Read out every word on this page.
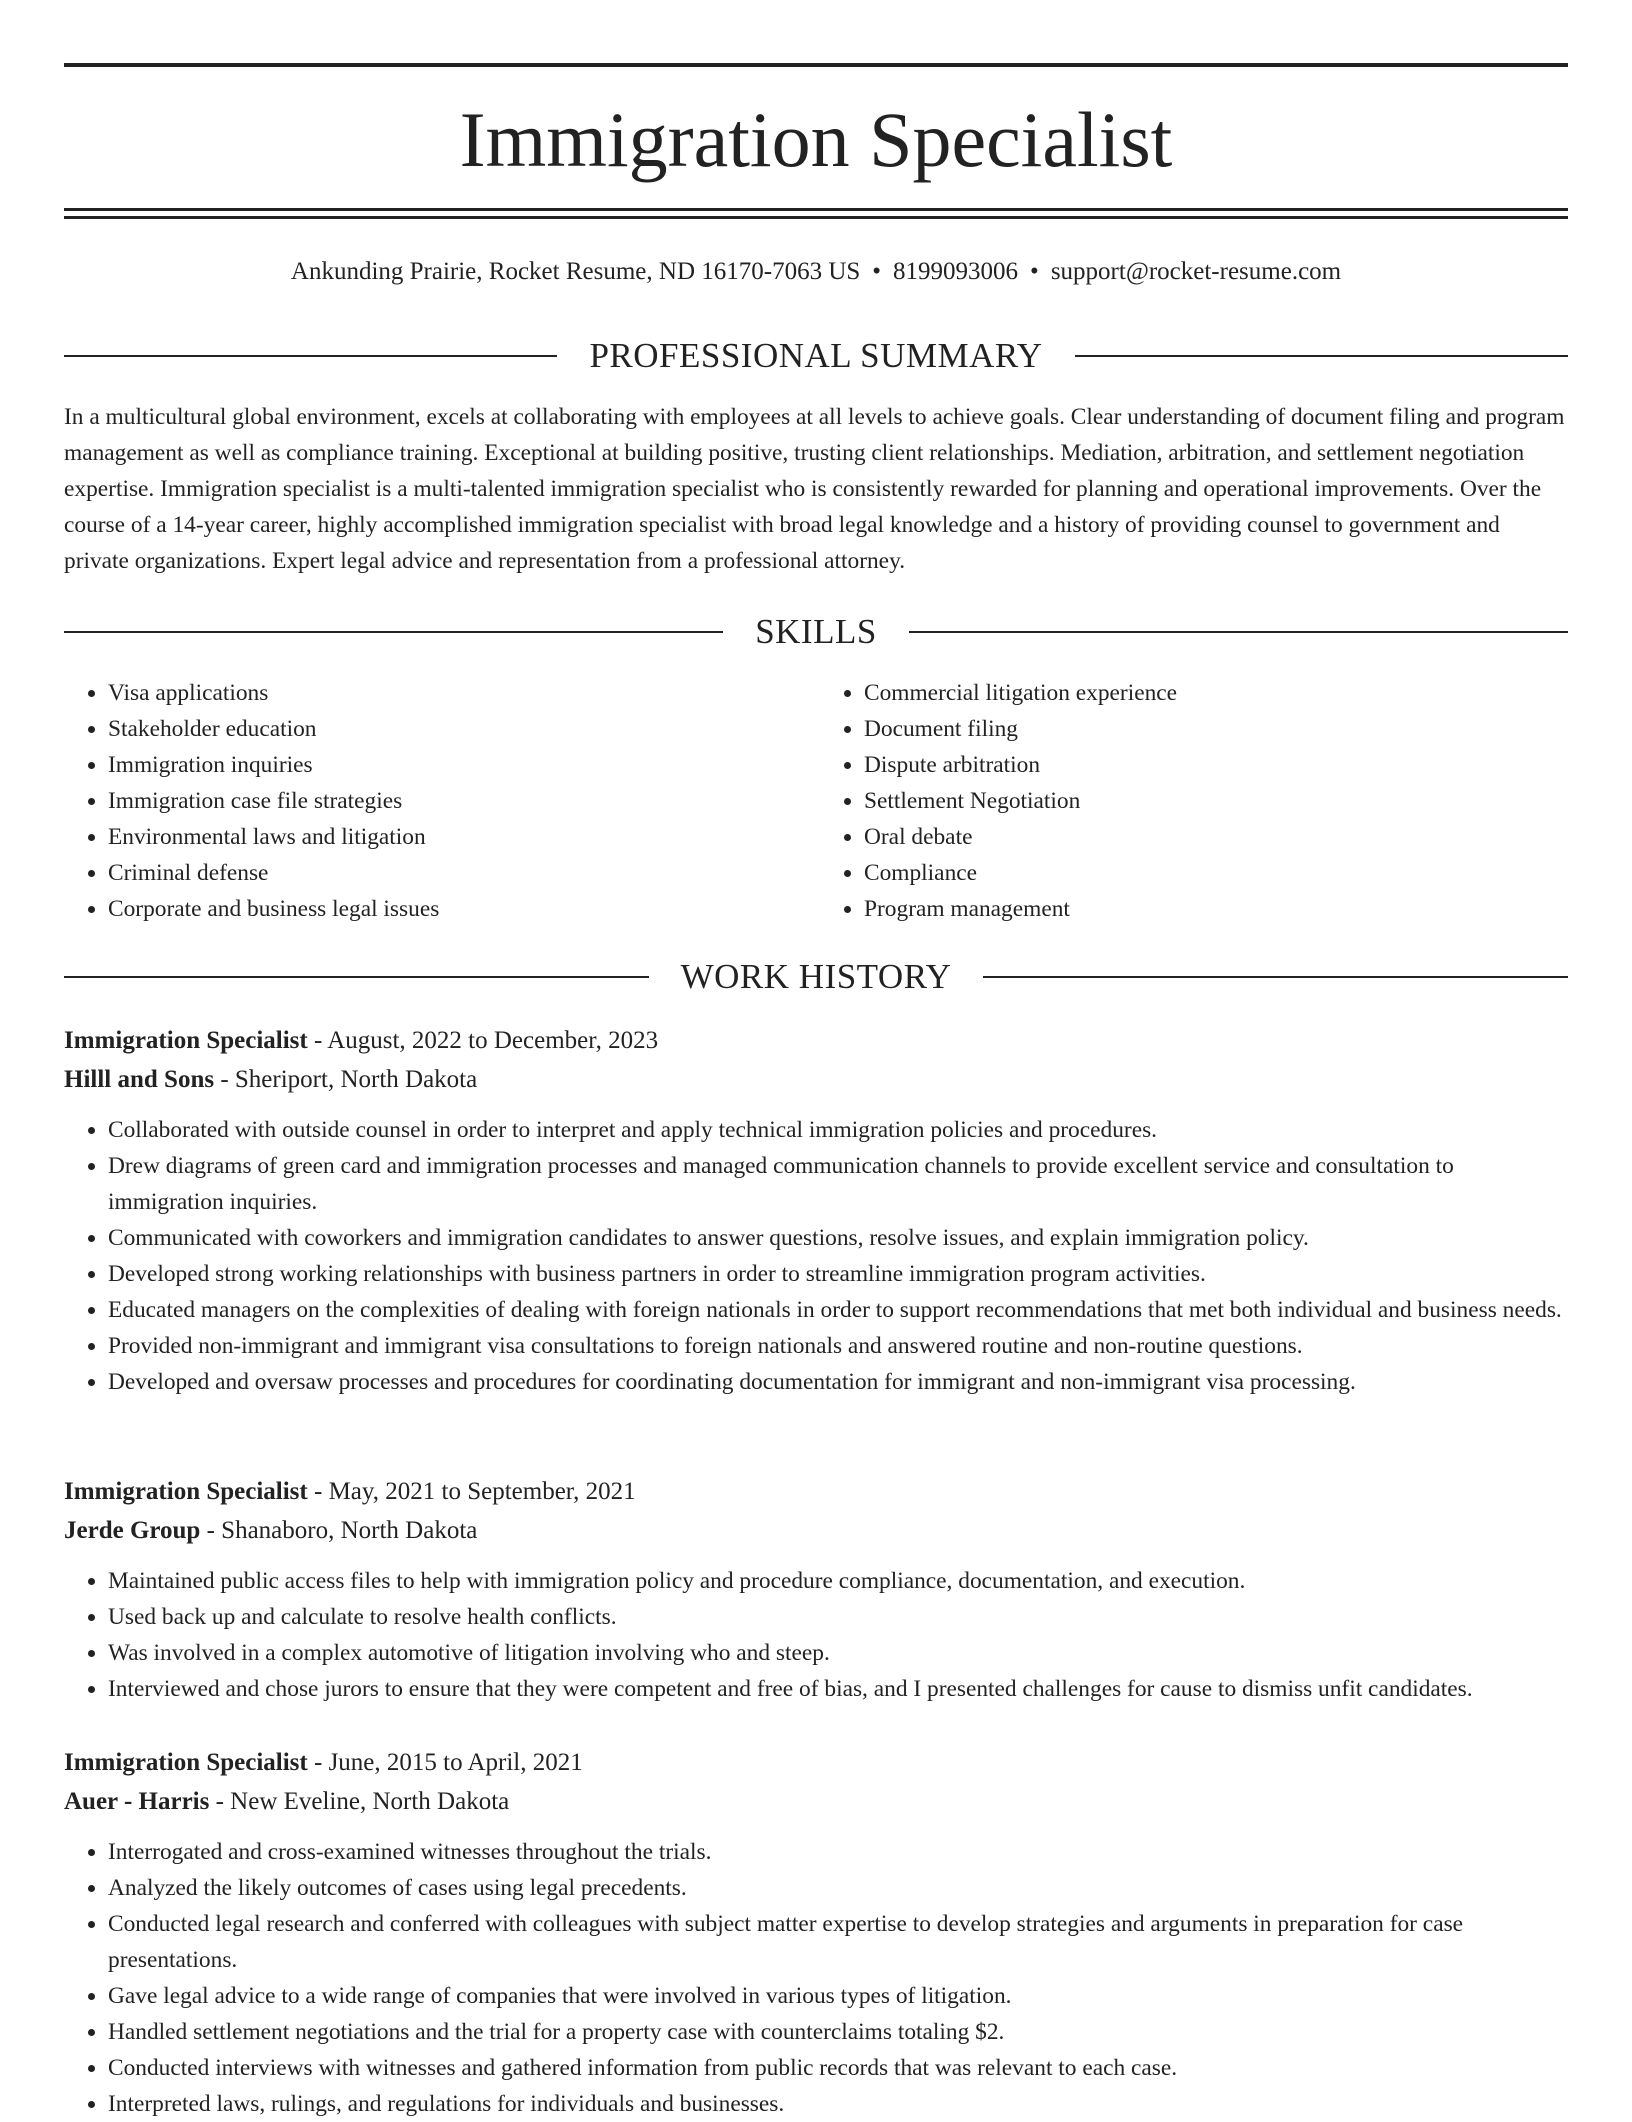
Immigration Specialist
Ankunding Prairie, Rocket Resume, ND 16170-7063 US • 8199093006 • support@rocket-resume.com
PROFESSIONAL SUMMARY

In a multicultural global environment, excels at collaborating with employees at all levels to achieve goals. Clear understanding of document filing and program management as well as compliance training. Exceptional at building positive, trusting client relationships. Mediation, arbitration, and settlement negotiation expertise. Immigration specialist is a multi-talented immigration specialist who is consistently rewarded for planning and operational improvements. Over the course of a 14-year career, highly accomplished immigration specialist with broad legal knowledge and a history of providing counsel to government and private organizations. Expert legal advice and representation from a professional attorney.

SKILLS
• Visa applications
• Stakeholder education
• Immigration inquiries
• Immigration case file strategies
• Environmental laws and litigation
• Criminal defense
• Corporate and business legal issues
• Commercial litigation experience
• Document filing
• Dispute arbitration
• Settlement Negotiation
• Oral debate
• Compliance
• Program management
WORK HISTORY
Immigration Specialist - August, 2022 to December, 2023
Hilll and Sons - Sheriport, North Dakota
• Collaborated with outside counsel in order to interpret and apply technical immigration policies and procedures.
• Drew diagrams of green card and immigration processes and managed communication channels to provide excellent service and consultation to immigration inquiries.
• Communicated with coworkers and immigration candidates to answer questions, resolve issues, and explain immigration policy.
• Developed strong working relationships with business partners in order to streamline immigration program activities.
• Educated managers on the complexities of dealing with foreign nationals in order to support recommendations that met both individual and business needs.
• Provided non-immigrant and immigrant visa consultations to foreign nationals and answered routine and non-routine questions.
• Developed and oversaw processes and procedures for coordinating documentation for immigrant and non-immigrant visa processing.
Immigration Specialist - May, 2021 to September, 2021
Jerde Group - Shanaboro, North Dakota
• Maintained public access files to help with immigration policy and procedure compliance, documentation, and execution.
• Used back up and calculate to resolve health conflicts.
• Was involved in a complex automotive of litigation involving who and steep.
• Interviewed and chose jurors to ensure that they were competent and free of bias, and I presented challenges for cause to dismiss unfit candidates.
Immigration Specialist - June, 2015 to April, 2021
Auer - Harris - New Eveline, North Dakota
• Interrogated and cross-examined witnesses throughout the trials.
• Analyzed the likely outcomes of cases using legal precedents.
• Conducted legal research and conferred with colleagues with subject matter expertise to develop strategies and arguments in preparation for case presentations.
• Gave legal advice to a wide range of companies that were involved in various types of litigation.
• Handled settlement negotiations and the trial for a property case with counterclaims totaling $2.
• Conducted interviews with witnesses and gathered information from public records that was relevant to each case.
• Interpreted laws, rulings, and regulations for individuals and businesses.
